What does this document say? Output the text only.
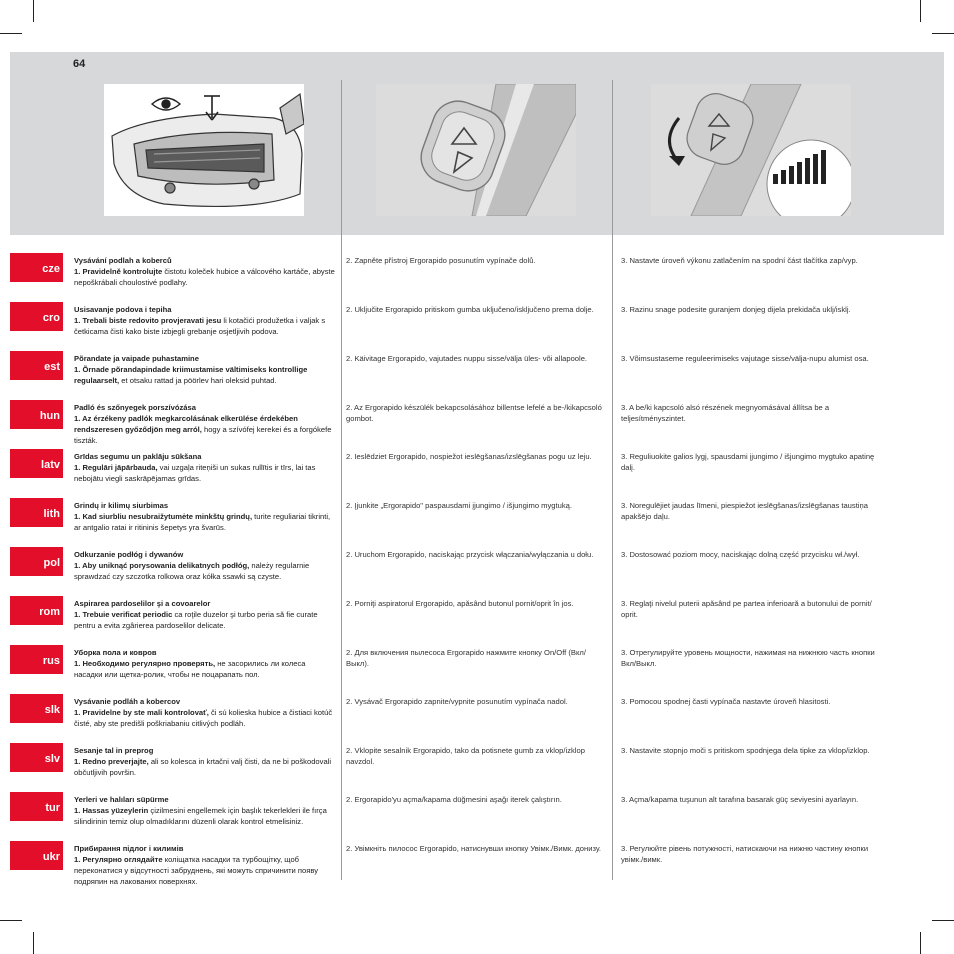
64
cze
Vysávání podlah a koberců
1. Pravidelně kontrolujte čistotu koleček hubice a válcového kartáče, abyste nepoškrábali choulostivé podlahy.
2. Zapněte přístroj Ergorapido posunutím vypínače dolů.	3. Nastavte úroveň výkonu zatlačením na spodní část tlačítka zap/vyp.
cro
Usisavanje podova i tepiha
1. Trebali biste redovito provjeravati jesu li kotačići produžetka i valjak s četkicama čisti kako biste izbjegli grebanje osjetljivih podova.
2. Uključite Ergorapido pritiskom gumba uključeno/isključeno prema dolje.	3. Razinu snage podesite guranjem donjeg dijela prekidača uklj/isklj.
est
Põrandate ja vaipade puhastamine
1. Õrnade põrandapindade kriimustamise vältimiseks kontrollige regulaarselt, et otsaku rattad ja pöörlev hari oleksid puhtad.
2. Käivitage Ergorapido, vajutades nuppu sisse/välja üles- või allapoole.	3. Võimsustaseme reguleerimiseks vajutage sisse/välja-nupu alumist osa.
hun
Padló és szőnyegek porszívózása
1. Az érzékeny padlók megkarcolásának elkerülése érdekében rendszeresen győződjön meg arról, hogy a szívófej kerekei és a forgókefe tiszták.
2. Az Ergorapido készülék bekapcsolásához billentse lefelé a be-/kikapcsoló gombot.
3. A be/ki kapcsoló alsó részének megnyomásával állítsa be a teljesítményszintet.
latv
Grīdas segumu un paklāju sūkšana
1. Regulāri jāpārbauda, vai uzgaļa riteņiši un sukas rullītis ir tīrs, lai tas nebojātu viegli saskrāpējamas grīdas.
2. Ieslēdziet Ergorapido, nospiežot ieslēgšanas/izslēgšanas pogu uz leju.	3. Reguliuokite galios lygį, spausdami įjungimo / išjungimo mygtuko apatinę dalį.
lith
Grindų ir kilimų siurbimas
1. Kad siurbliu nesubraižytumėte minkštų grindų, turite reguliariai tikrinti, ar antgalio ratai ir ritininis šepetys yra švarūs.
2. Įjunkite „Ergorapido" paspausdami įjungimo / išjungimo mygtuką.	3. Noregulējiet jaudas līmeni, piespiežot ieslēgšanas/izslēgšanas taustiņa apakšējo daļu.
pol
Odkurzanie podłóg i dywanów
1. Aby uniknąć porysowania delikatnych podłóg, należy regularnie sprawdzać czy szczotka rolkowa oraz kółka ssawki są czyste.
2. Uruchom Ergorapido, naciskając przycisk włączania/wyłączania u dołu.	3. Dostosować poziom mocy, naciskając dolną część przycisku wł./wył.
rom
Aspirarea pardoselilor şi a covoarelor
1. Trebuie verificat periodic ca roţile duzelor şi turbo peria să fie curate pentru a evita zgârierea pardoselilor delicate.
2. Porniţi aspiratorul Ergorapido, apăsând butonul pornit/oprit în jos.	3. Reglaţi nivelul puterii apăsând pe partea inferioară a butonului de pornit/ oprit.
rus
Уборка пола и ковров
1. Необходимо регулярно проверять, не засорились ли колеса насадки или щетка-ролик, чтобы не поцарапать пол.
2. Для включения пылесоса Ergorapido нажмите кнопку On/Off (Вкл/ Выкл).
3. Отрегулируйте уровень мощности, нажимая на нижнюю часть кнопки Вкл/Выкл.
slk
Vysávanie podláh a kobercov
1. Pravidelne by ste mali kontrolovať, či sú kolieska hubice a čistiaci kotúč čisté, aby ste predišli poškriabaniu citlivých podláh.
2. Vysávač Ergorapido zapnite/vypnite posunutím vypínača nadol.	3. Pomocou spodnej časti vypínača nastavte úroveň hlasitosti.
slv
Sesanje tal in preprog
1. Redno preverjajte, ali so kolesca in krtačni valj čisti, da ne bi poškodovali občutljivih površin.
2. Vklopite sesalnik Ergorapido, tako da potisnete gumb za vklop/izklop navzdol.
3. Nastavite stopnjo moči s pritiskom spodnjega dela tipke za vklop/izklop.
tur
Yerleri ve halıları süpürme
1. Hassas yüzeylerin çizilmesini engellemek için başlık tekerlekleri ile fırça silindirinin temiz olup olmadıklarını düzenli olarak kontrol etmelisiniz.
2. Ergorapido'yu açma/kapama düğmesini aşağı iterek çalıştırın.	3. Açma/kapama tuşunun alt tarafına basarak güç seviyesini ayarlayın.
ukr
Прибирання підлог і килимів
1. Регулярно оглядайте коліщатка насадки та турбощітку, щоб переконатися у відсутності забруднень, які можуть спричинити появу подряпин на лакованих поверхнях.
2. Увімкніть пилосос Ergorapido, натиснувши кнопку Увімк./Вимк. донизу.	3. Регулюйте рівень потужності, натискаючи на нижню частину кнопки увімк./вимк.
